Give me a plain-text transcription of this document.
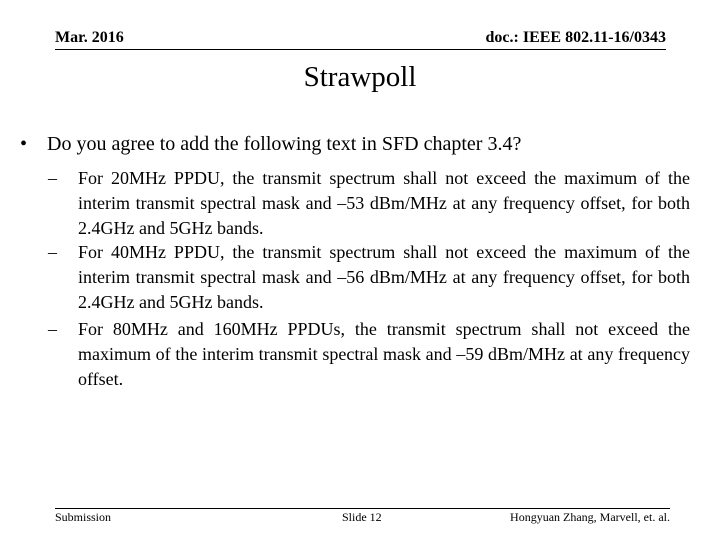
Mar. 2016	doc.: IEEE 802.11-16/0343
Strawpoll
• Do you agree to add the following text in SFD chapter 3.4?
– For 20MHz PPDU, the transmit spectrum shall not exceed the maximum of the interim transmit spectral mask and –53 dBm/MHz at any frequency offset, for both 2.4GHz and 5GHz bands.
– For 40MHz PPDU, the transmit spectrum shall not exceed the maximum of the interim transmit spectral mask and –56 dBm/MHz at any frequency offset, for both 2.4GHz and 5GHz bands.
– For 80MHz and 160MHz PPDUs, the transmit spectrum shall not exceed the maximum of the interim transmit spectral mask and –59 dBm/MHz at any frequency offset.
Submission	Slide 12	Hongyuan Zhang, Marvell, et. al.
